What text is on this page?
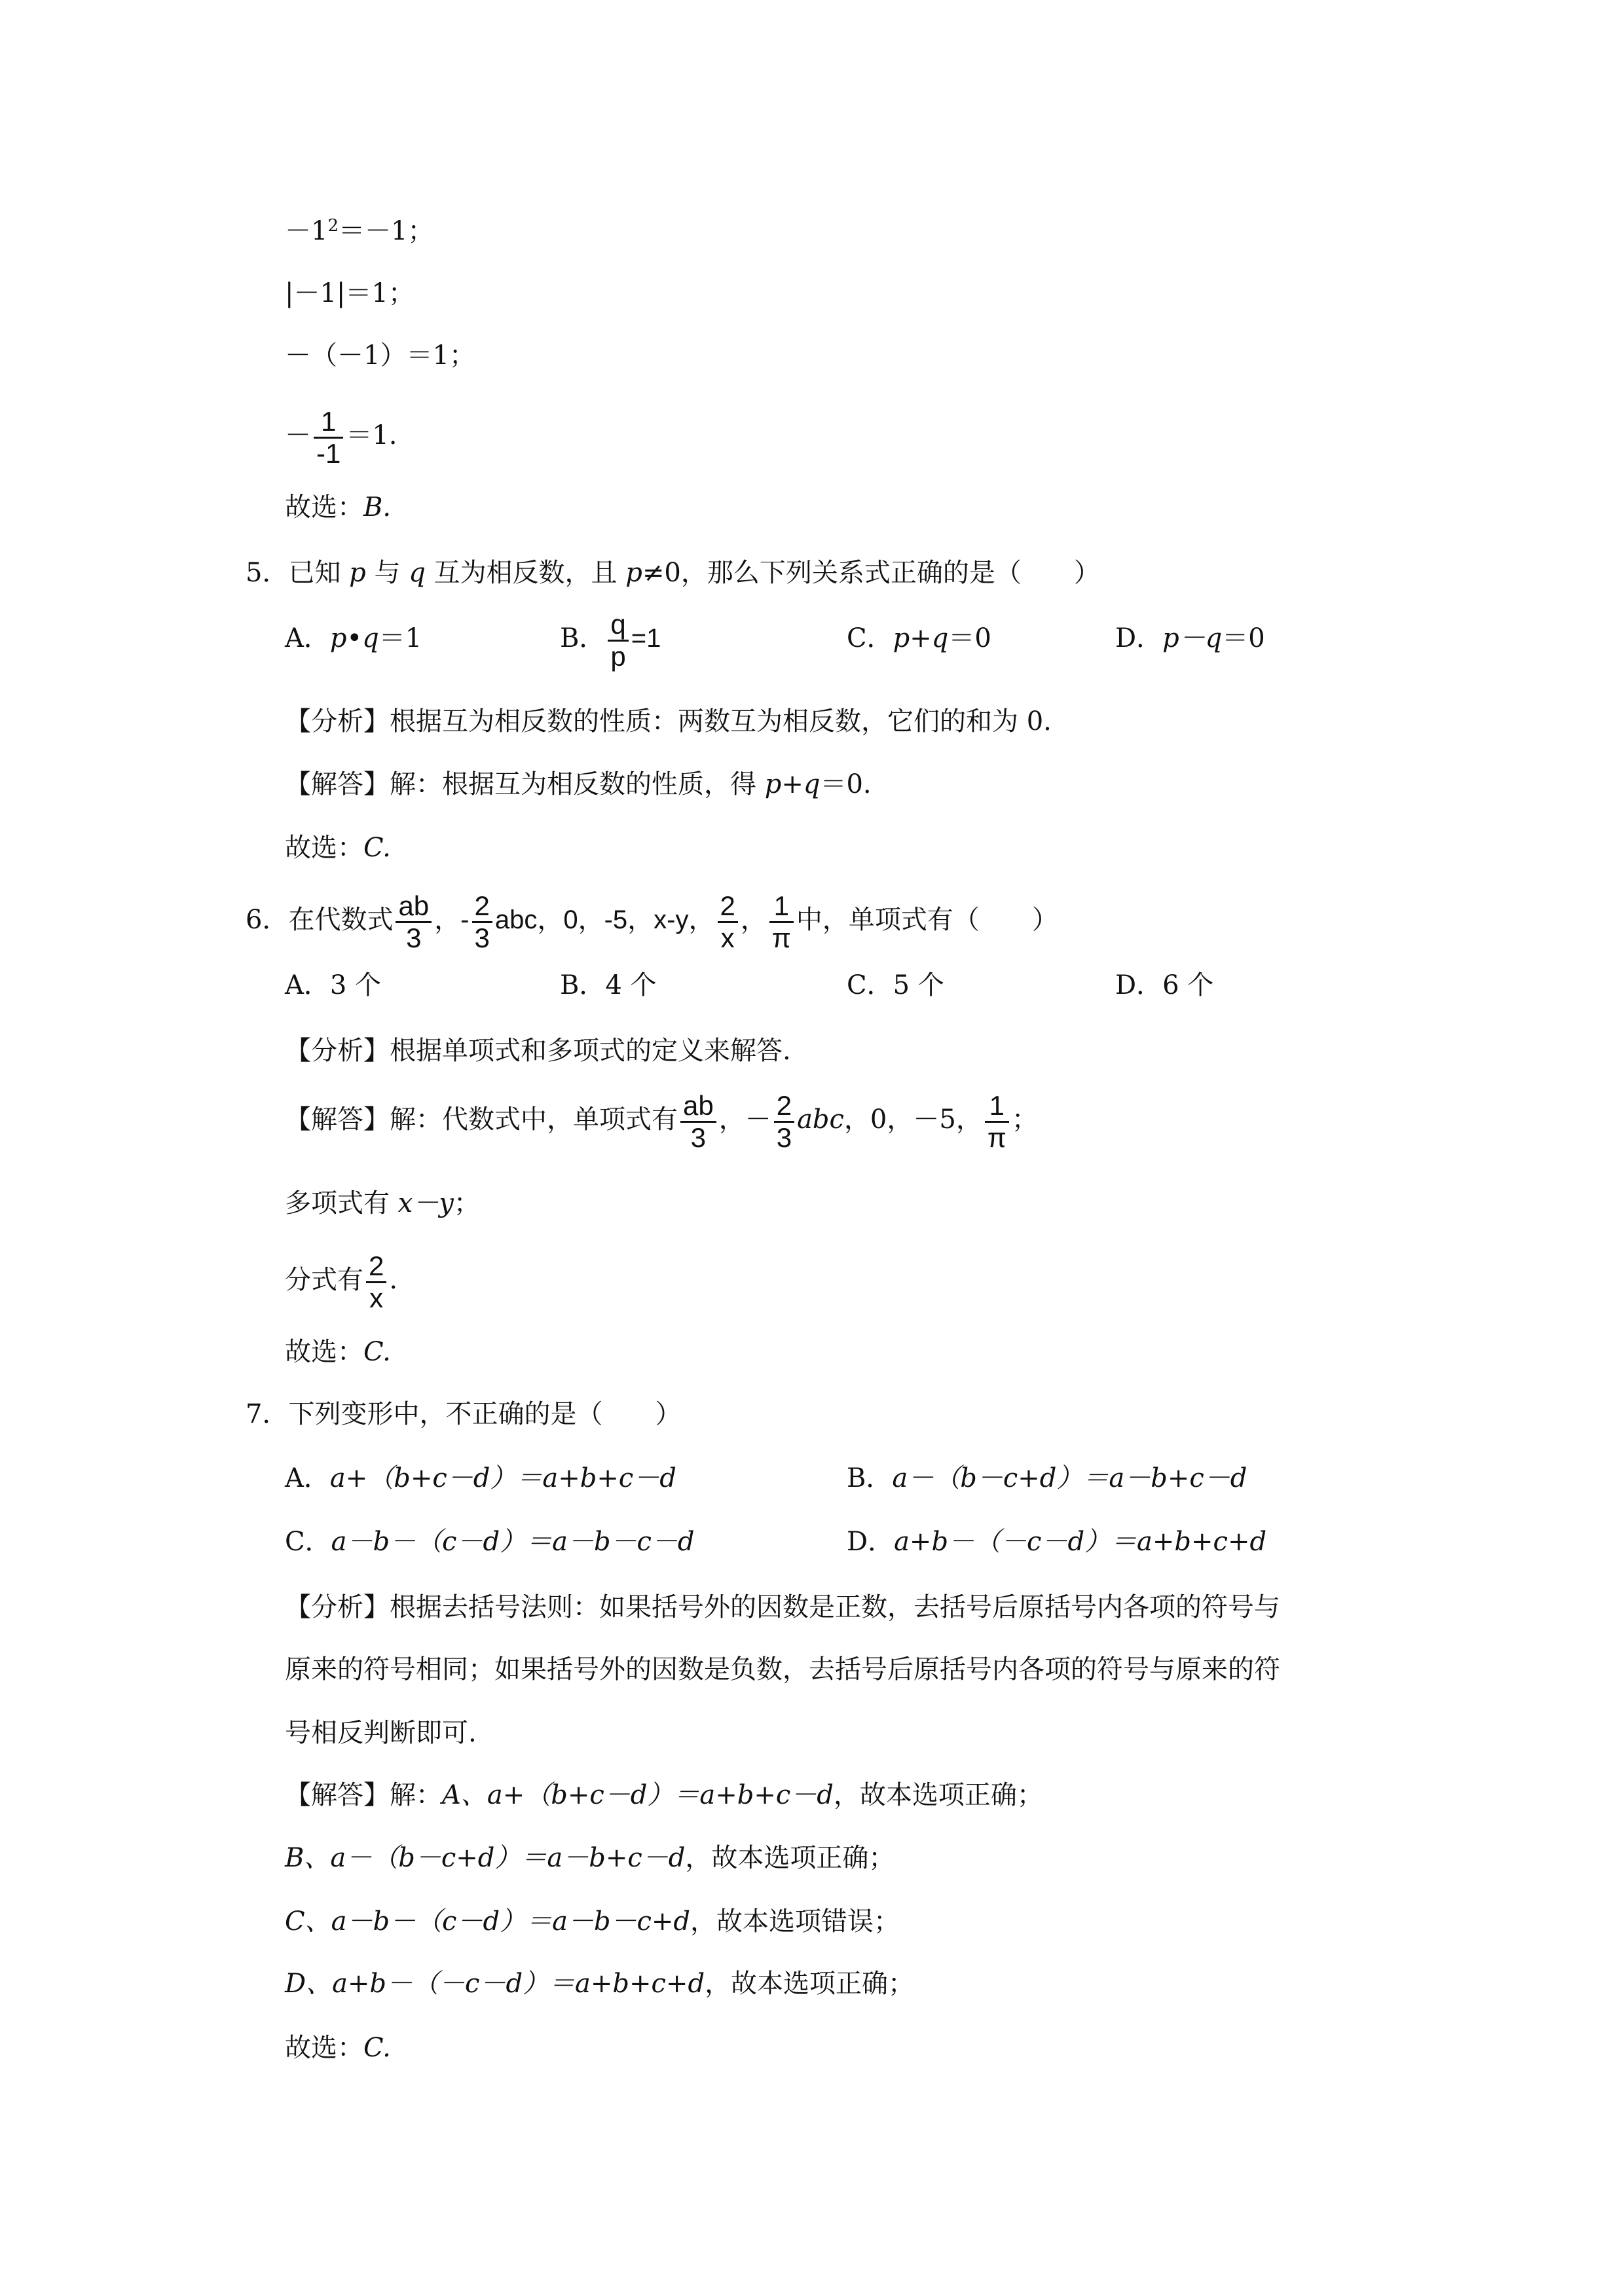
$-1^2=-1$；
|－1|＝1；
－（－1）＝1；
－ $\frac{1}{-1} =1$.
故选：B.
5．已知 p 与 q 互为相反数，且 p≠0，那么下列关系式正确的是（　　）
A．p•q＝1	B． $\frac{q}{p} =1$	C．p+q＝0	D．p－q＝0
【分析】根据互为相反数的性质：两数互为相反数，它们的和为 0.
【解答】解：根据互为相反数的性质，得 p+q＝0.
故选：C.
6．在代数式 $\frac{ab}{3}$ ，- $\frac{2}{3}$ abc，0，-5，x-y， $\frac{2}{x}$ ， $\frac{1}{\pi}$ 中，单项式有（　　）
A．3 个	B．4 个	C．5 个	D．6 个
【分析】根据单项式和多项式的定义来解答.
【解答】解：代数式中，单项式有 $\frac{ab}{3}$ ，－ $\frac{2}{3}$ abc，0，－5， $\frac{1}{\pi}$ ；
多项式有 x－y；
分式有 $\frac{2}{x}$ .
故选：C.
7．下列变形中，不正确的是（　　）
A．a+（b+c－d）＝a+b+c－d	B．a－（b－c+d）＝a－b+c－d
C．a－b－（c－d）＝a－b－c－d	D．a+b－（－c－d）＝a+b+c+d
【分析】根据去括号法则：如果括号外的因数是正数，去括号后原括号内各项的符号与
原来的符号相同；如果括号外的因数是负数，去括号后原括号内各项的符号与原来的符
号相反判断即可.
【解答】解：A、a+（b+c－d）＝a+b+c－d，故本选项正确；
B、a－（b－c+d）＝a－b+c－d，故本选项正确；
C、a－b－（c－d）＝a－b－c+d，故本选项错误；
D、a+b－（－c－d）＝a+b+c+d，故本选项正确；
故选：C.
